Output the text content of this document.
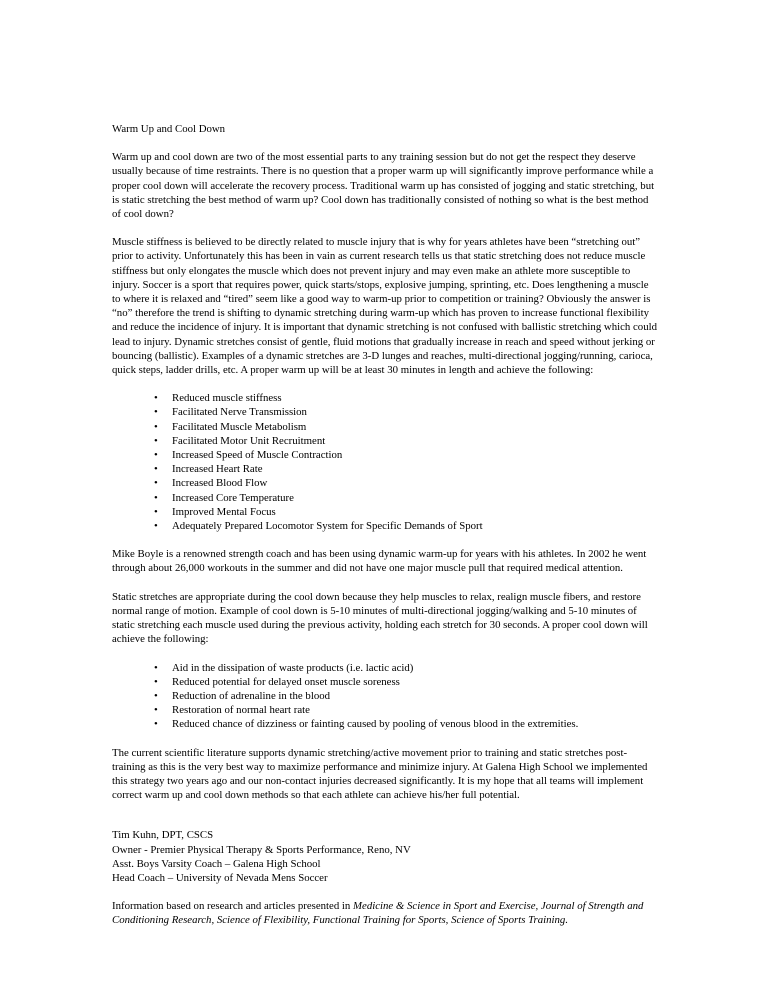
Warm Up and Cool Down

Warm up and cool down are two of the most essential parts to any training session but do not get the respect they deserve usually because of time restraints. There is no question that a proper warm up will significantly improve performance while a proper cool down will accelerate the recovery process. Traditional warm up has consisted of jogging and static stretching, but is static stretching the best method of warm up? Cool down has traditionally consisted of nothing so what is the best method of cool down?

Muscle stiffness is believed to be directly related to muscle injury that is why for years athletes have been “stretching out” prior to activity. Unfortunately this has been in vain as current research tells us that static stretching does not reduce muscle stiffness but only elongates the muscle which does not prevent injury and may even make an athlete more susceptible to injury. Soccer is a sport that requires power, quick starts/stops, explosive jumping, sprinting, etc. Does lengthening a muscle to where it is relaxed and “tired” seem like a good way to warm-up prior to competition or training? Obviously the answer is “no” therefore the trend is shifting to dynamic stretching during warm-up which has proven to increase functional flexibility and reduce the incidence of injury. It is important that dynamic stretching is not confused with ballistic stretching which could lead to injury. Dynamic stretches consist of gentle, fluid motions that gradually increase in reach and speed without jerking or bouncing (ballistic). Examples of a dynamic stretches are 3-D lunges and reaches, multi-directional jogging/running, carioca, quick steps, ladder drills, etc. A proper warm up will be at least 30 minutes in length and achieve the following:

• Reduced muscle stiffness
• Facilitated Nerve Transmission
• Facilitated Muscle Metabolism
• Facilitated Motor Unit Recruitment
• Increased Speed of Muscle Contraction
• Increased Heart Rate
• Increased Blood Flow
• Increased Core Temperature
• Improved Mental Focus
• Adequately Prepared Locomotor System for Specific Demands of Sport

Mike Boyle is a renowned strength coach and has been using dynamic warm-up for years with his athletes. In 2002 he went through about 26,000 workouts in the summer and did not have one major muscle pull that required medical attention.

Static stretches are appropriate during the cool down because they help muscles to relax, realign muscle fibers, and restore normal range of motion. Example of cool down is 5-10 minutes of multi-directional jogging/walking and 5-10 minutes of static stretching each muscle used during the previous activity, holding each stretch for 30 seconds. A proper cool down will achieve the following:

• Aid in the dissipation of waste products (i.e. lactic acid)
• Reduced potential for delayed onset muscle soreness
• Reduction of adrenaline in the blood
• Restoration of normal heart rate
• Reduced chance of dizziness or fainting caused by pooling of venous blood in the extremities.

The current scientific literature supports dynamic stretching/active movement prior to training and static stretches post-training as this is the very best way to maximize performance and minimize injury. At Galena High School we implemented this strategy two years ago and our non-contact injuries decreased significantly. It is my hope that all teams will implement correct warm up and cool down methods so that each athlete can achieve his/her full potential.

Tim Kuhn, DPT, CSCS

Owner - Premier Physical Therapy & Sports Performance, Reno, NV

Asst. Boys Varsity Coach – Galena High School

Head Coach – University of Nevada Mens Soccer

Information based on research and articles presented in Medicine & Science in Sport and Exercise, Journal of Strength and Conditioning Research, Science of Flexibility, Functional Training for Sports, Science of Sports Training.
